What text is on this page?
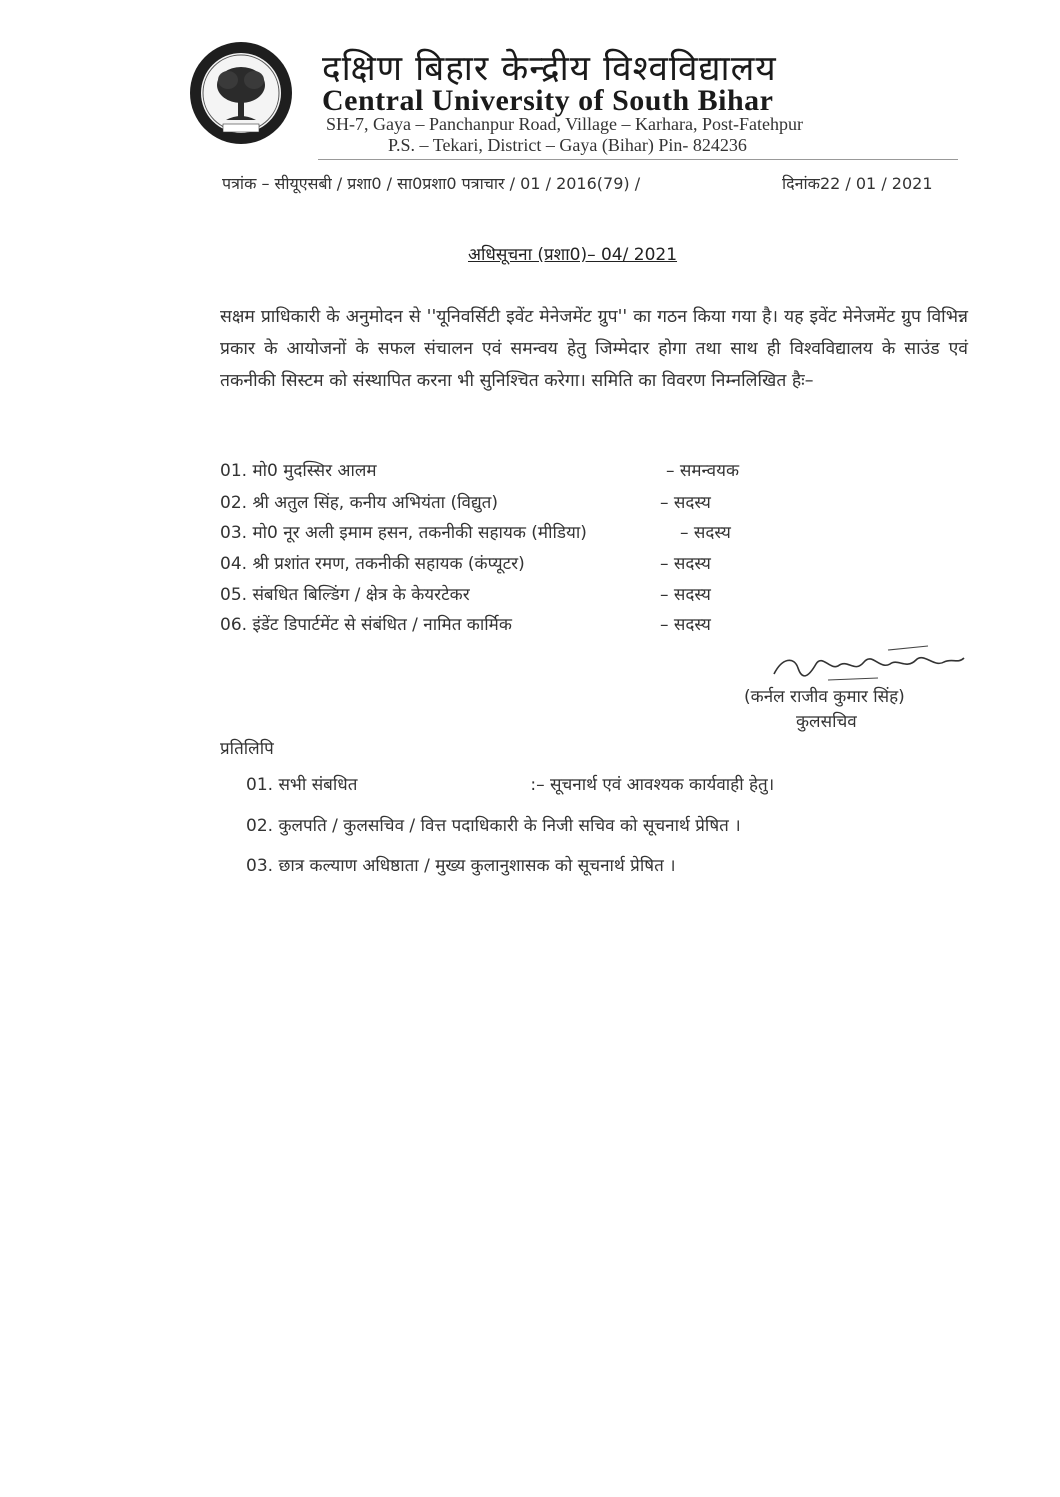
दक्षिण बिहार केन्द्रीय विश्वविद्यालय
Central University of South Bihar
SH-7, Gaya – Panchanpur Road, Village – Karhara, Post-Fatehpur
P.S. – Tekari, District – Gaya (Bihar) Pin- 824236
पत्रांक – सीयूएसबी / प्रशा0 / सा0प्रशा0 पत्राचार / 01 / 2016(79) /	दिनांक22 / 01 / 2021
अधिसूचना (प्रशा0)– 04/ 2021
सक्षम प्राधिकारी के अनुमोदन से ''यूनिवर्सिटी इवेंट मेनेजमेंट ग्रुप'' का गठन किया गया है। यह इवेंट मेनेजमेंट ग्रुप विभिन्न प्रकार के आयोजनों के सफल संचालन एवं समन्वय हेतु जिम्मेदार होगा तथा साथ ही विश्वविद्यालय के साउंड एवं तकनीकी सिस्टम को संस्थापित करना भी सुनिश्चित करेगा। समिति का विवरण निम्नलिखित हैः–
01. मो0 मुदस्सिर आलम	– समन्वयक
02. श्री अतुल सिंह, कनीय अभियंता (विद्युत)	– सदस्य
03. मो0 नूर अली इमाम हसन, तकनीकी सहायक (मीडिया)	– सदस्य
04. श्री प्रशांत रमण, तकनीकी सहायक (कंप्यूटर)	– सदस्य
05. संबधित बिल्डिंग / क्षेत्र के केयरटेकर	– सदस्य
06. इंडेंट डिपार्टमेंट से संबंधित / नामित कार्मिक	– सदस्य
(कर्नल राजीव कुमार सिंह)
कुलसचिव
प्रतिलिपि
01. सभी संबधित                                :– सूचनार्थ एवं आवश्यक कार्यवाही हेतु।
02. कुलपति / कुलसचिव / वित्त पदाधिकारी के निजी सचिव को सूचनार्थ प्रेषित ।
03. छात्र कल्याण अधिष्ठाता / मुख्य कुलानुशासक को सूचनार्थ प्रेषित ।
